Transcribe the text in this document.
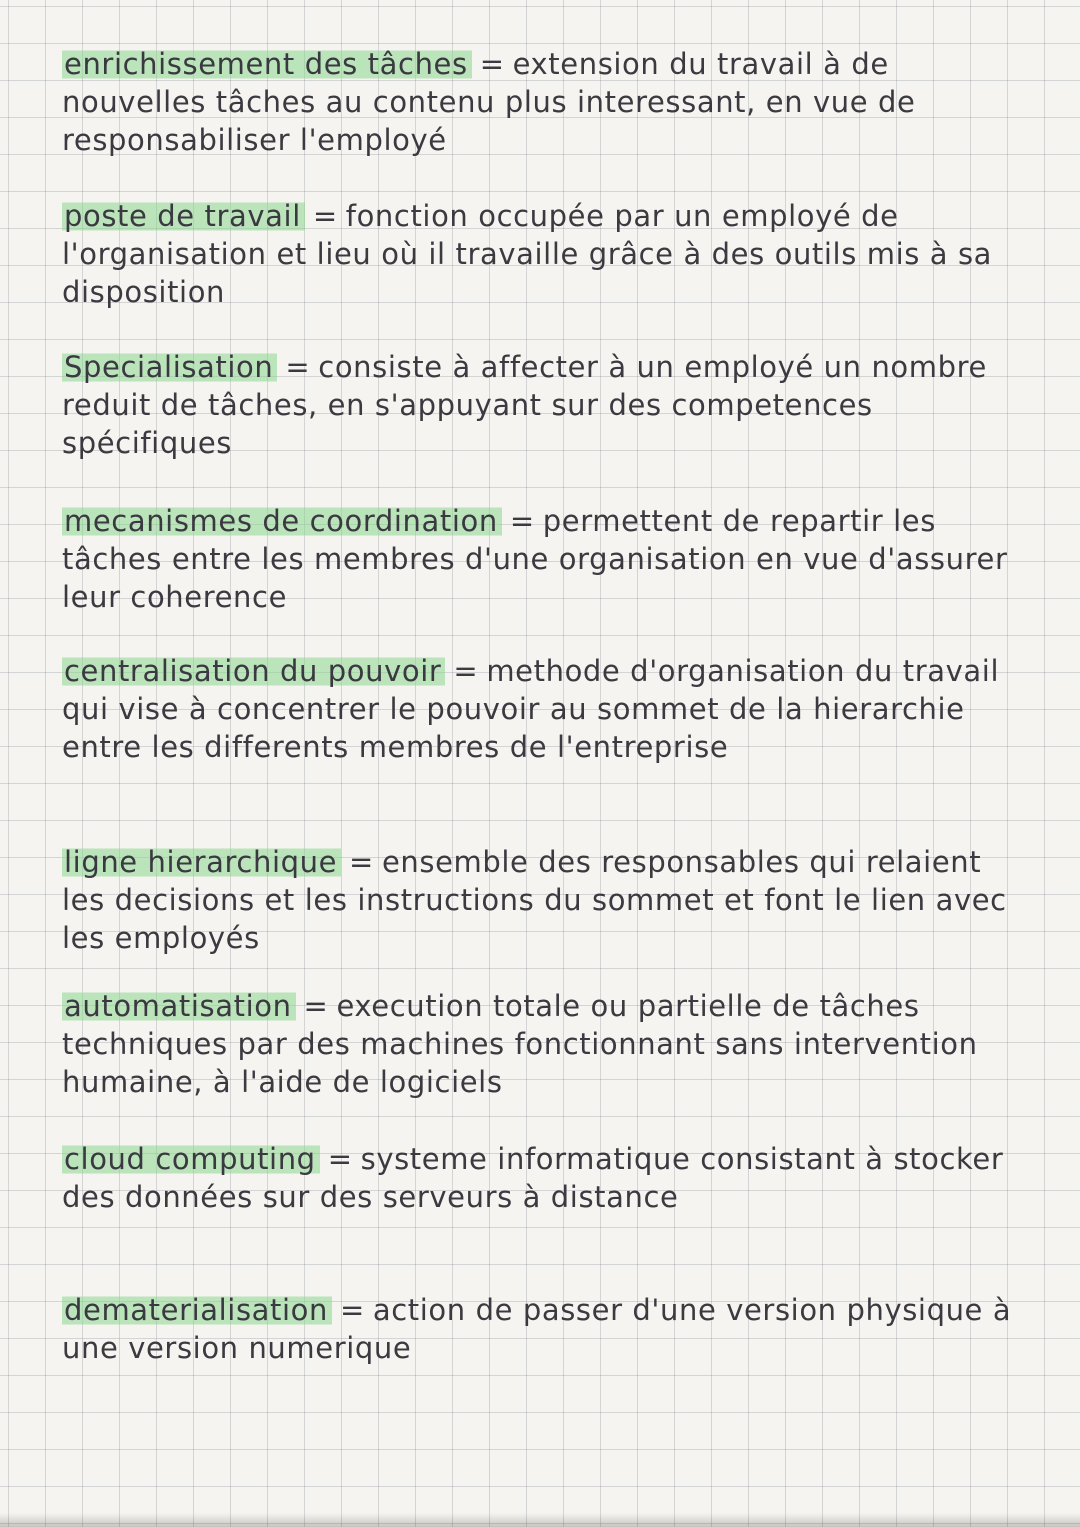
enrichissement des tâches = extension du travail à de nouvelles tâches au contenu plus interessant, en vue de responsabiliser l'employé

poste de travail = fonction occupée par un employé de l'organisation et lieu où il travaille grâce à des outils mis à sa disposition

Specialisation = consiste à affecter à un employé un nombre reduit de tâches, en s'appuyant sur des competences spécifiques

mecanismes de coordination = permettent de repartir les tâches entre les membres d'une organisation en vue d'assurer leur coherence

centralisation du pouvoir = methode d'organisation du travail qui vise à concentrer le pouvoir au sommet de la hierarchie entre les differents membres de l'entreprise

ligne hierarchique = ensemble des responsables qui relaient les decisions et les instructions du sommet et font le lien avec les employés

automatisation = execution totale ou partielle de tâches techniques par des machines fonctionnant sans intervention humaine, à l'aide de logiciels

cloud computing = systeme informatique consistant à stocker des données sur des serveurs à distance

dematerialisation = action de passer d'une version physique à une version numerique
